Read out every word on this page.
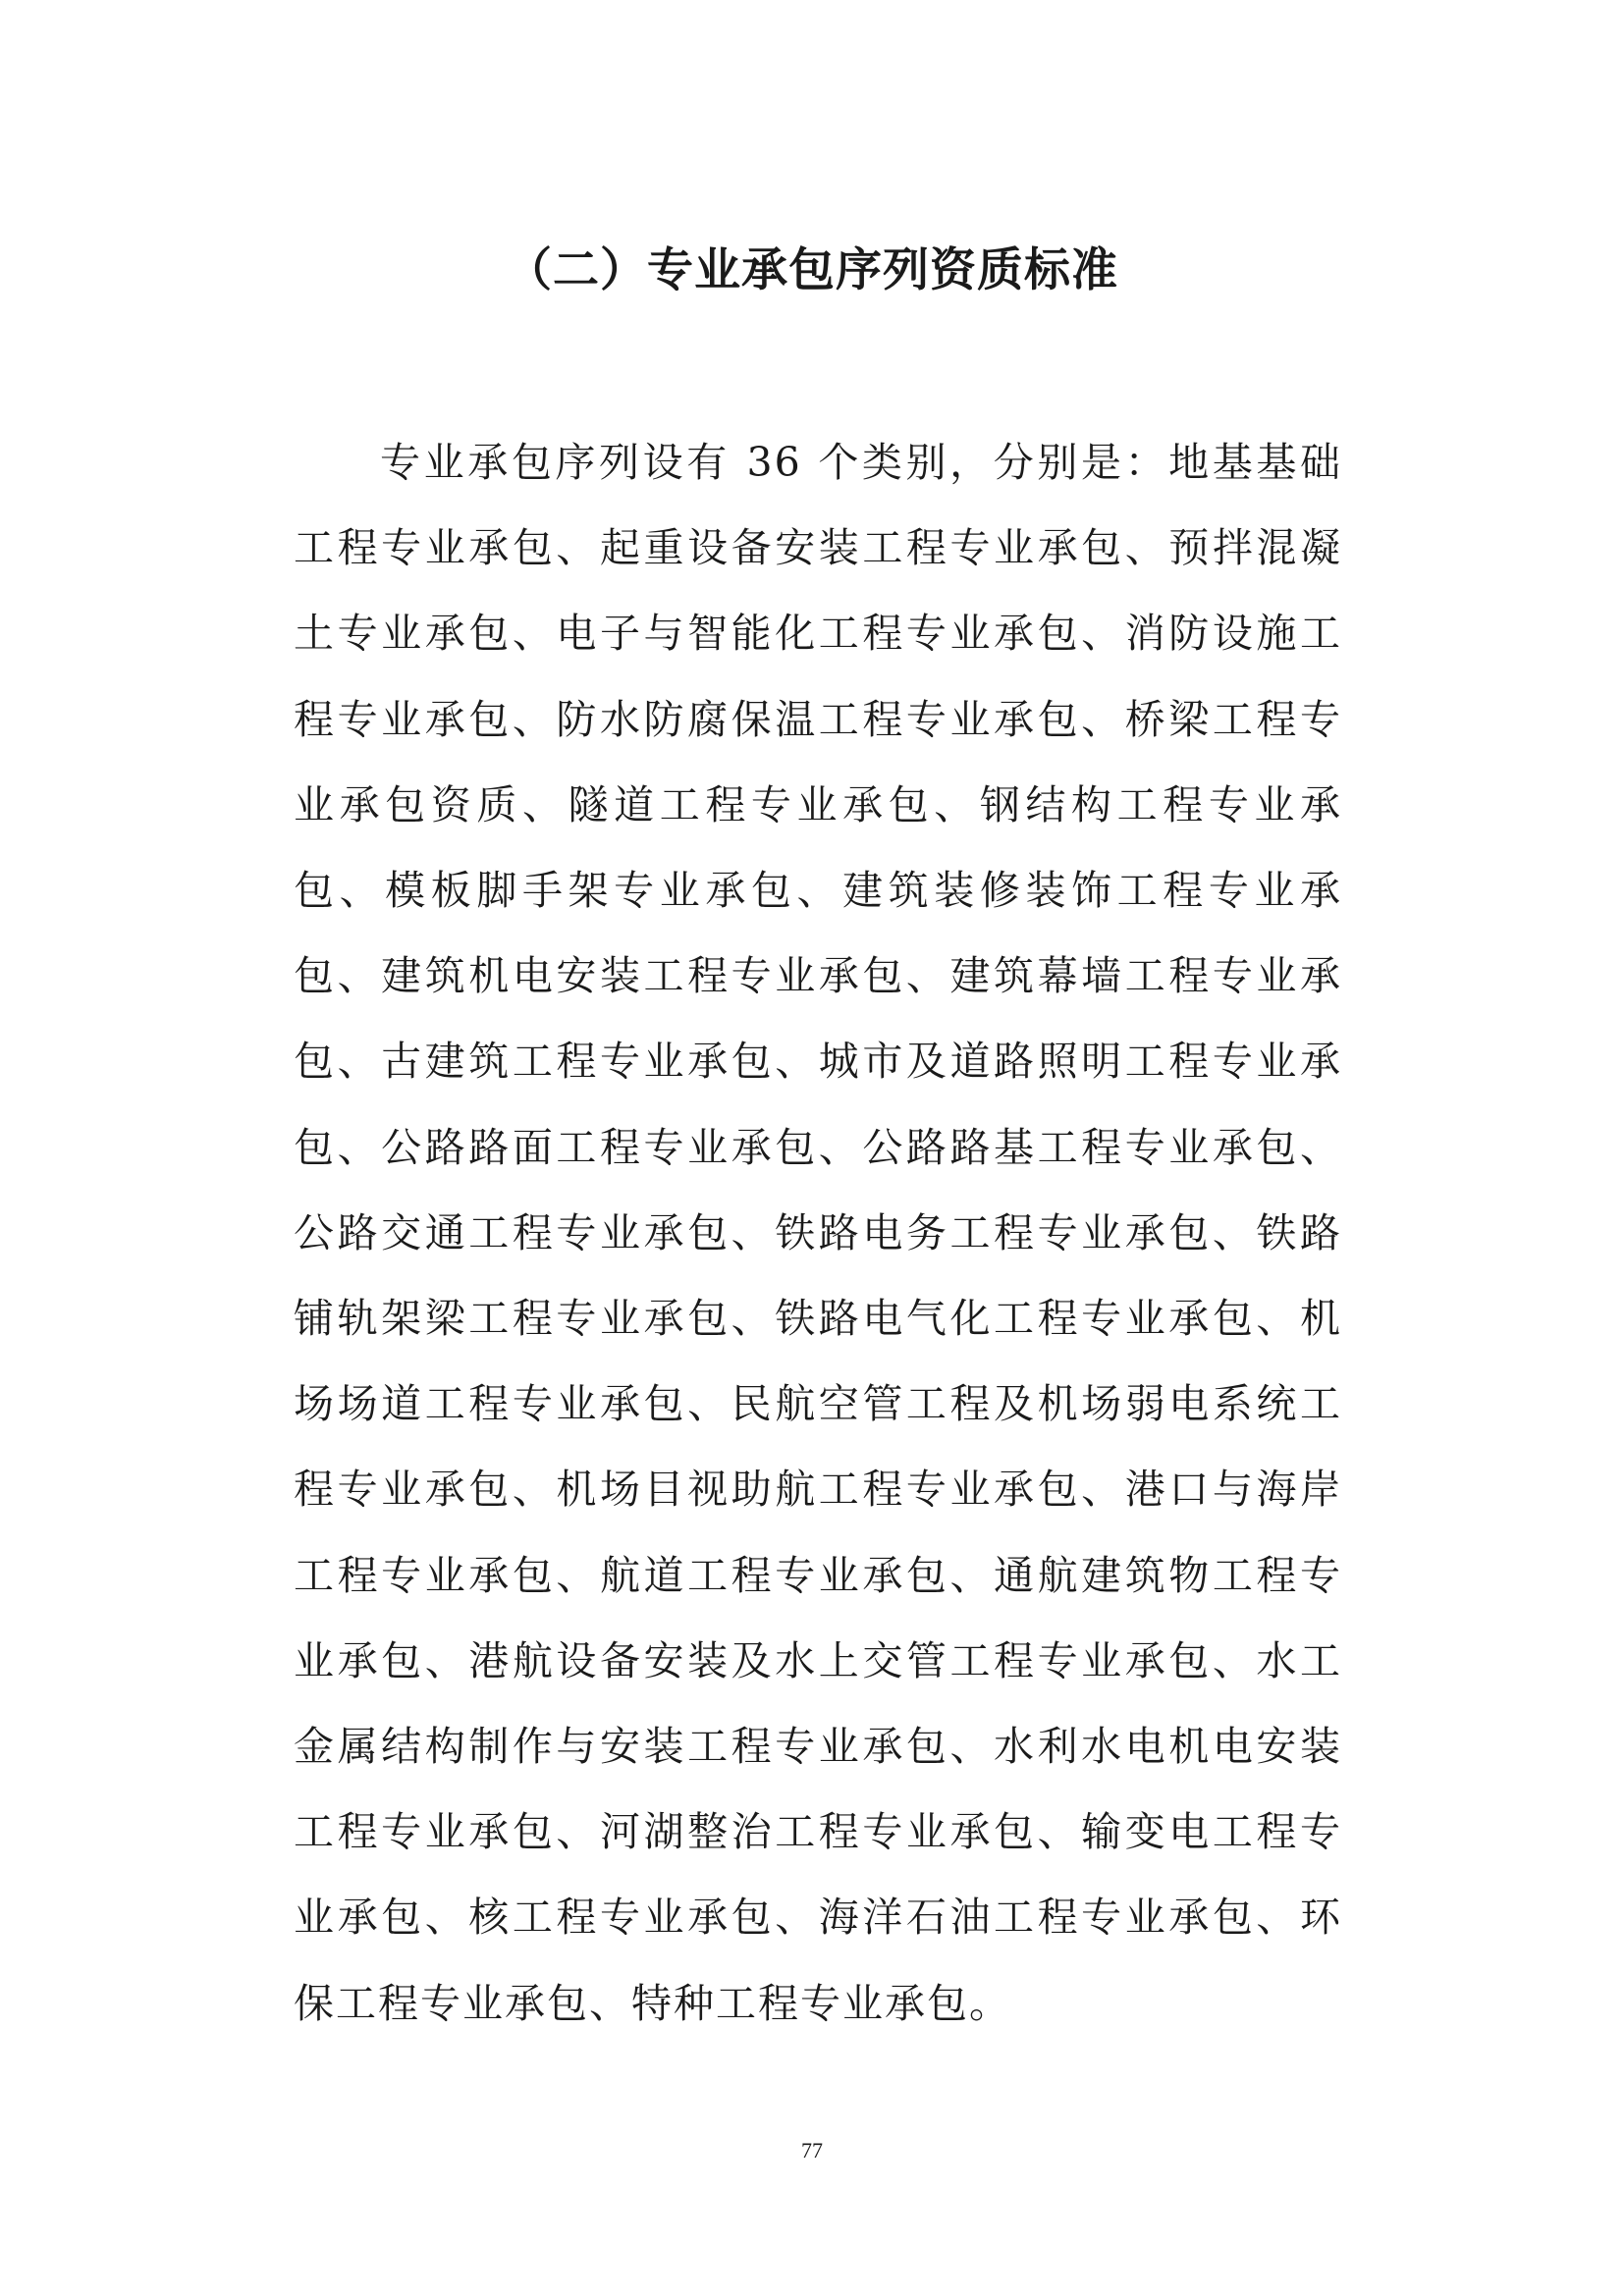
（二）专业承包序列资质标准

专业承包序列设有 36 个类别，分别是：地基基础工程专业承包、起重设备安装工程专业承包、预拌混凝土专业承包、电子与智能化工程专业承包、消防设施工程专业承包、防水防腐保温工程专业承包、桥梁工程专业承包资质、隧道工程专业承包、钢结构工程专业承包、模板脚手架专业承包、建筑装修装饰工程专业承包、建筑机电安装工程专业承包、建筑幕墙工程专业承包、古建筑工程专业承包、城市及道路照明工程专业承包、公路路面工程专业承包、公路路基工程专业承包、公路交通工程专业承包、铁路电务工程专业承包、铁路铺轨架梁工程专业承包、铁路电气化工程专业承包、机场场道工程专业承包、民航空管工程及机场弱电系统工程专业承包、机场目视助航工程专业承包、港口与海岸工程专业承包、航道工程专业承包、通航建筑物工程专业承包、港航设备安装及水上交管工程专业承包、水工金属结构制作与安装工程专业承包、水利水电机电安装工程专业承包、河湖整治工程专业承包、输变电工程专业承包、核工程专业承包、海洋石油工程专业承包、环保工程专业承包、特种工程专业承包。

77
